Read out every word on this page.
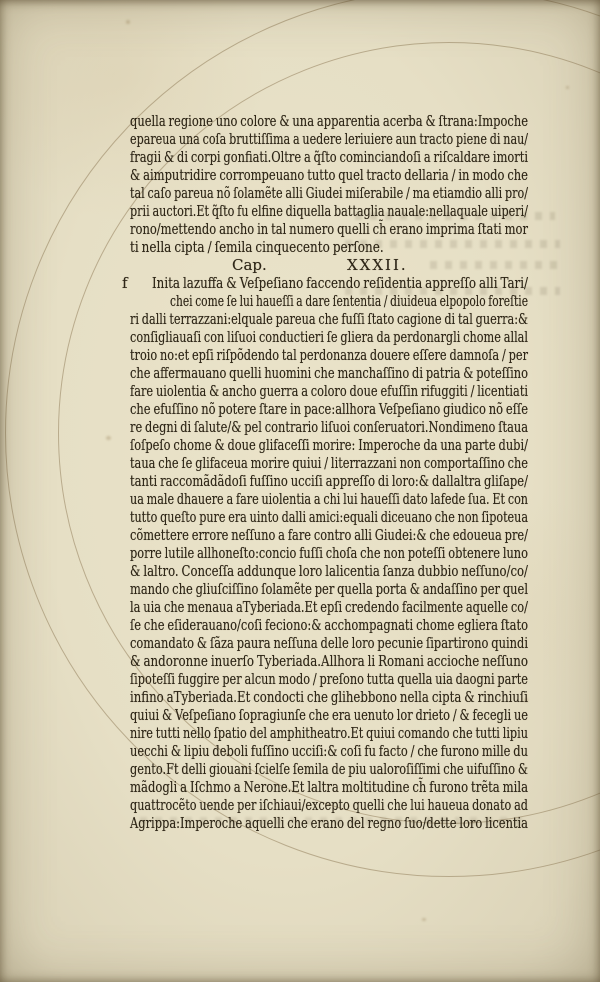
quella regione uno colore & una apparentia acerba & ſtrana:Impoche
epareua una coſa bruttiſſima a uedere leriuiere aun tracto piene di nau/
fragii & di corpi gonfiati.Oltre a q̃ſto cominciandoſi a riſcaldare imorti
& aimputridire corrompeuano tutto quel tracto dellaria / in modo che
tal caſo pareua nõ ſolamẽte alli Giudei miſerabile / ma etiamdio alli pro/
prii auctori.Et q̃ſto fu elfine diquella battaglia nauale:nellaquale uiperi/
rono/mettendo ancho in tal numero quelli ch̃ erano imprima ſtati mor
ti nella cipta / ſemila cinquecento perſone.
Cap.	XXXII.
f	Inita lazuffa & Veſpeſiano faccendo reſidentia appreſſo alli Tari/
chei come ſe lui haueſſi a dare ſententia / diuideua elpopolo foreſtie
ri dalli terrazzani:elquale pareua che fuſſi ſtato cagione di tal guerra:&
conſigliauaſi con liſuoi conductieri ſe gliera da perdonargli chome allal
troio no:et epſi riſpõdendo tal perdonanza douere eſſere damnoſa / per
che affermauano quelli huomini che manchaſſino di patria & poteſſino
fare uiolentia & ancho guerra a coloro doue efuſſin rifuggiti / licentiati
che efuſſino nõ potere ſtare in pace:allhora Veſpeſiano giudico nõ eſſe
re degni di ſalute/& pel contrario liſuoi conſeruatori.Nondimeno ſtaua
ſoſpeſo chome & doue glifaceſſi morire: Imperoche da una parte dubi/
taua che ſe glifaceua morire quiui / literrazzani non comportaſſino che
tanti raccomãdãdoſi fuſſino ucciſi appreſſo di loro:& dallaltra gliſape/
ua male dhauere a fare uiolentia a chi lui haueſſi dato lafede ſua. Et con
tutto queſto pure era uinto dalli amici:equali diceuano che non ſipoteua
cõmettere errore neſſuno a fare contro alli Giudei:& che edoueua pre/
porre lutile allhoneſto:concio fuſſi choſa che non poteſſi obtenere luno
& laltro. Conceſſa addunque loro lalicentia ſanza dubbio neſſuno/co/
mando che gliuſciſſino ſolamẽte per quella porta & andaſſino per quel
la uia che menaua aTyberiada.Et epſi credendo facilmente aquelle co/
ſe che eſiderauano/coſi feciono:& acchompagnati chome egliera ſtato
comandato & ſãza paura neſſuna delle loro pecunie ſipartirono quindi
& andoronne inuerſo Tyberiada.Allhora li Romani accioche neſſuno
ſipoteſſi fuggire per alcun modo / preſono tutta quella uia daogni parte
infino aTyberiada.Et condocti che glihebbono nella cipta & rinchiuſi
quiui & Veſpeſiano ſopragiunſe che era uenuto lor drieto / & fecegli ue
nire tutti nello ſpatio del amphitheatro.Et quiui comando che tutti lipiu
uecchi & lipiu deboli fuſſino ucciſi:& coſi fu facto / che furono mille du
gento.Ft delli giouani ſcielſe ſemila de piu ualoroſiſſimi che uifuſſino &
mãdogli a Iſchmo a Nerone.Et laltra moltitudine ch̃ furono trẽta mila
quattrocẽto uende per iſchiaui/excepto quelli che lui haueua donato ad
Agrippa:Imperoche aquelli che erano del regno ſuo/dette loro licentia
